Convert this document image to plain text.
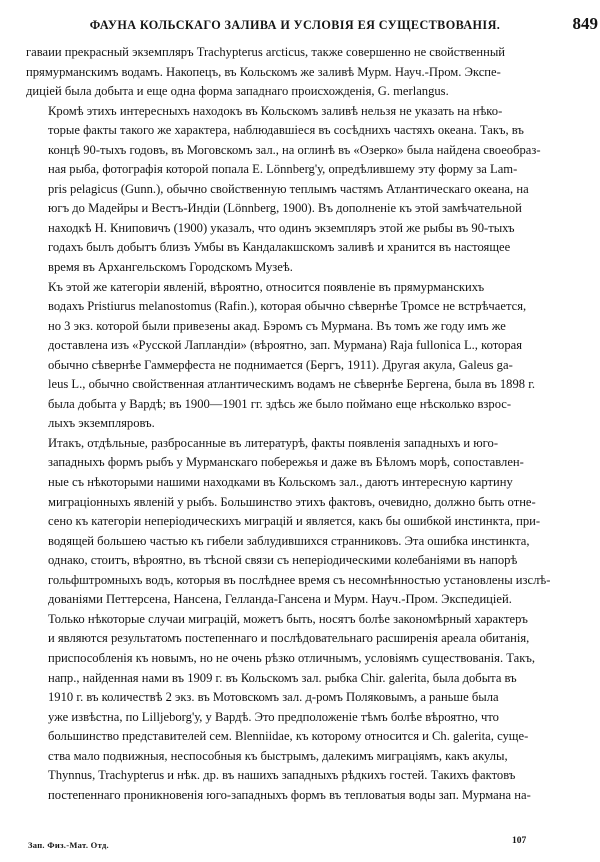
ФАУНА КОЛЬСКАГО ЗАЛИВА И УСЛОВІЯ ЕЯ СУЩЕСТВОВАНІЯ.	849

гаваии прекрасный экземпляръ Trachypterus arcticus, также совершенно не свойственный
прямурманскимъ водамъ. Накопецъ, въ Кольскомъ же заливѣ Мурм. Науч.-Пром. Экспе-
диціей была добыта и еще одна форма западнаго происхожденія, G. merlangus.

Кромѣ этихъ интересныхъ находокъ въ Кольскомъ заливѣ нельзя не указать на нѣко-
торые факты такого же характера, наблюдавшіеся въ сосѣднихъ частяхъ океана. Такъ, въ
концѣ 90-тыхъ годовъ, въ Моговскомъ зал., на оглинѣ въ «Озерко» была найдена своеобраз-
ная рыба, фотографія которой попала Е. Lönnberg'у, опредѣлившему эту форму за Lam-
pris pelagicus (Gunn.), обычно свойственную теплымъ частямъ Атлантическаго океана, на
югъ до Мадейры и Вестъ-Индіи (Lönnberg, 1900). Въ дополненіе къ этой замѣчательной
находкѣ Н. Книповичъ (1900) указалъ, что одинъ экземпляръ этой же рыбы въ 90-тыхъ
годахъ былъ добытъ близъ Умбы въ Кандалакшскомъ заливѣ и хранится въ настоящее
время въ Архангельскомъ Городскомъ Музеѣ.

Къ этой же категоріи явленій, вѣроятно, относится появленіе въ прямурманскихъ
водахъ Pristiurus melanostomus (Rafin.), которая обычно сѣвернѣе Тромсе не встрѣчается,
но 3 экз. которой были привезены акад. Бэромъ съ Мурмана. Въ томъ же году имъ же
доставлена изъ «Русской Лапландіи» (вѣроятно, зап. Мурмана) Raja fullonica L., которая
обычно сѣвернѣе Гаммерфеста не поднимается (Бергъ, 1911). Другая акула, Galeus ga-
leus L., обычно свойственная атлантическимъ водамъ не сѣвернѣе Бергена, была въ 1898 г.
была добыта у Вардѣ; въ 1900—1901 гг. здѣсь же было поймано еще нѣсколько взрос-
лыхъ экземпляровъ.

Итакъ, отдѣльные, разбросанные въ литературѣ, факты появленія западныхъ и юго-
западныхъ формъ рыбъ у Мурманскаго побережья и даже въ Бѣломъ морѣ, сопоставлен-
ные съ нѣкоторыми нашими находками въ Кольскомъ зал., даютъ интересную картину
миграціонныхъ явленій у рыбъ. Большинство этихъ фактовъ, очевидно, должно быть отне-
сено къ категоріи непеpіодическихъ миграцій и является, какъ бы ошибкой инстинкта, при-
водящей большею частью къ гибели заблудившихся странниковъ. Эта ошибка инстинкта,
однако, стоитъ, вѣроятно, въ тѣсной связи съ непеpіодическими колебаніями въ напорѣ
гольфштромныхъ водъ, которыя въ послѣднее время съ несомнѣнностью установлены изслѣ-
дованіями Петтерсена, Нансена, Гелланда-Гансена и Мурм. Науч.-Пром. Экспедиціей.
Только нѣкоторые случаи миграцій, можетъ быть, носятъ болѣе закономѣрный характеръ
и являются результатомъ постепеннаго и послѣдовательнаго расширенія ареала обитанія,
приспособленія къ новымъ, но не очень рѣзко отличнымъ, условіямъ существованія. Такъ,
напр., найденная нами въ 1909 г. въ Кольскомъ зал. рыбка Chir. galerita, была добыта въ
1910 г. въ количествѣ 2 экз. въ Мотовскомъ зал. д-ромъ Поляковымъ, а раньше была
уже извѣстна, по Lilljeborg'у, у Вардѣ. Это предположеніе тѣмъ болѣе вѣроятно, что
большинство представителей сем. Blenniidae, къ которому относится и Ch. galerita, суще-
ства мало подвижныя, неспособныя къ быстрымъ, далекимъ миграціямъ, какъ акулы,
Thynnus, Trachypterus и нѣк. др. въ нашихъ западныхъ рѣдкихъ гостей. Такихъ фактовъ
постепеннаго проникновенія юго-западныхъ формъ въ тепловатыя воды зап. Мурмана на-

Зап. Физ.-Мат. Отд.	107
